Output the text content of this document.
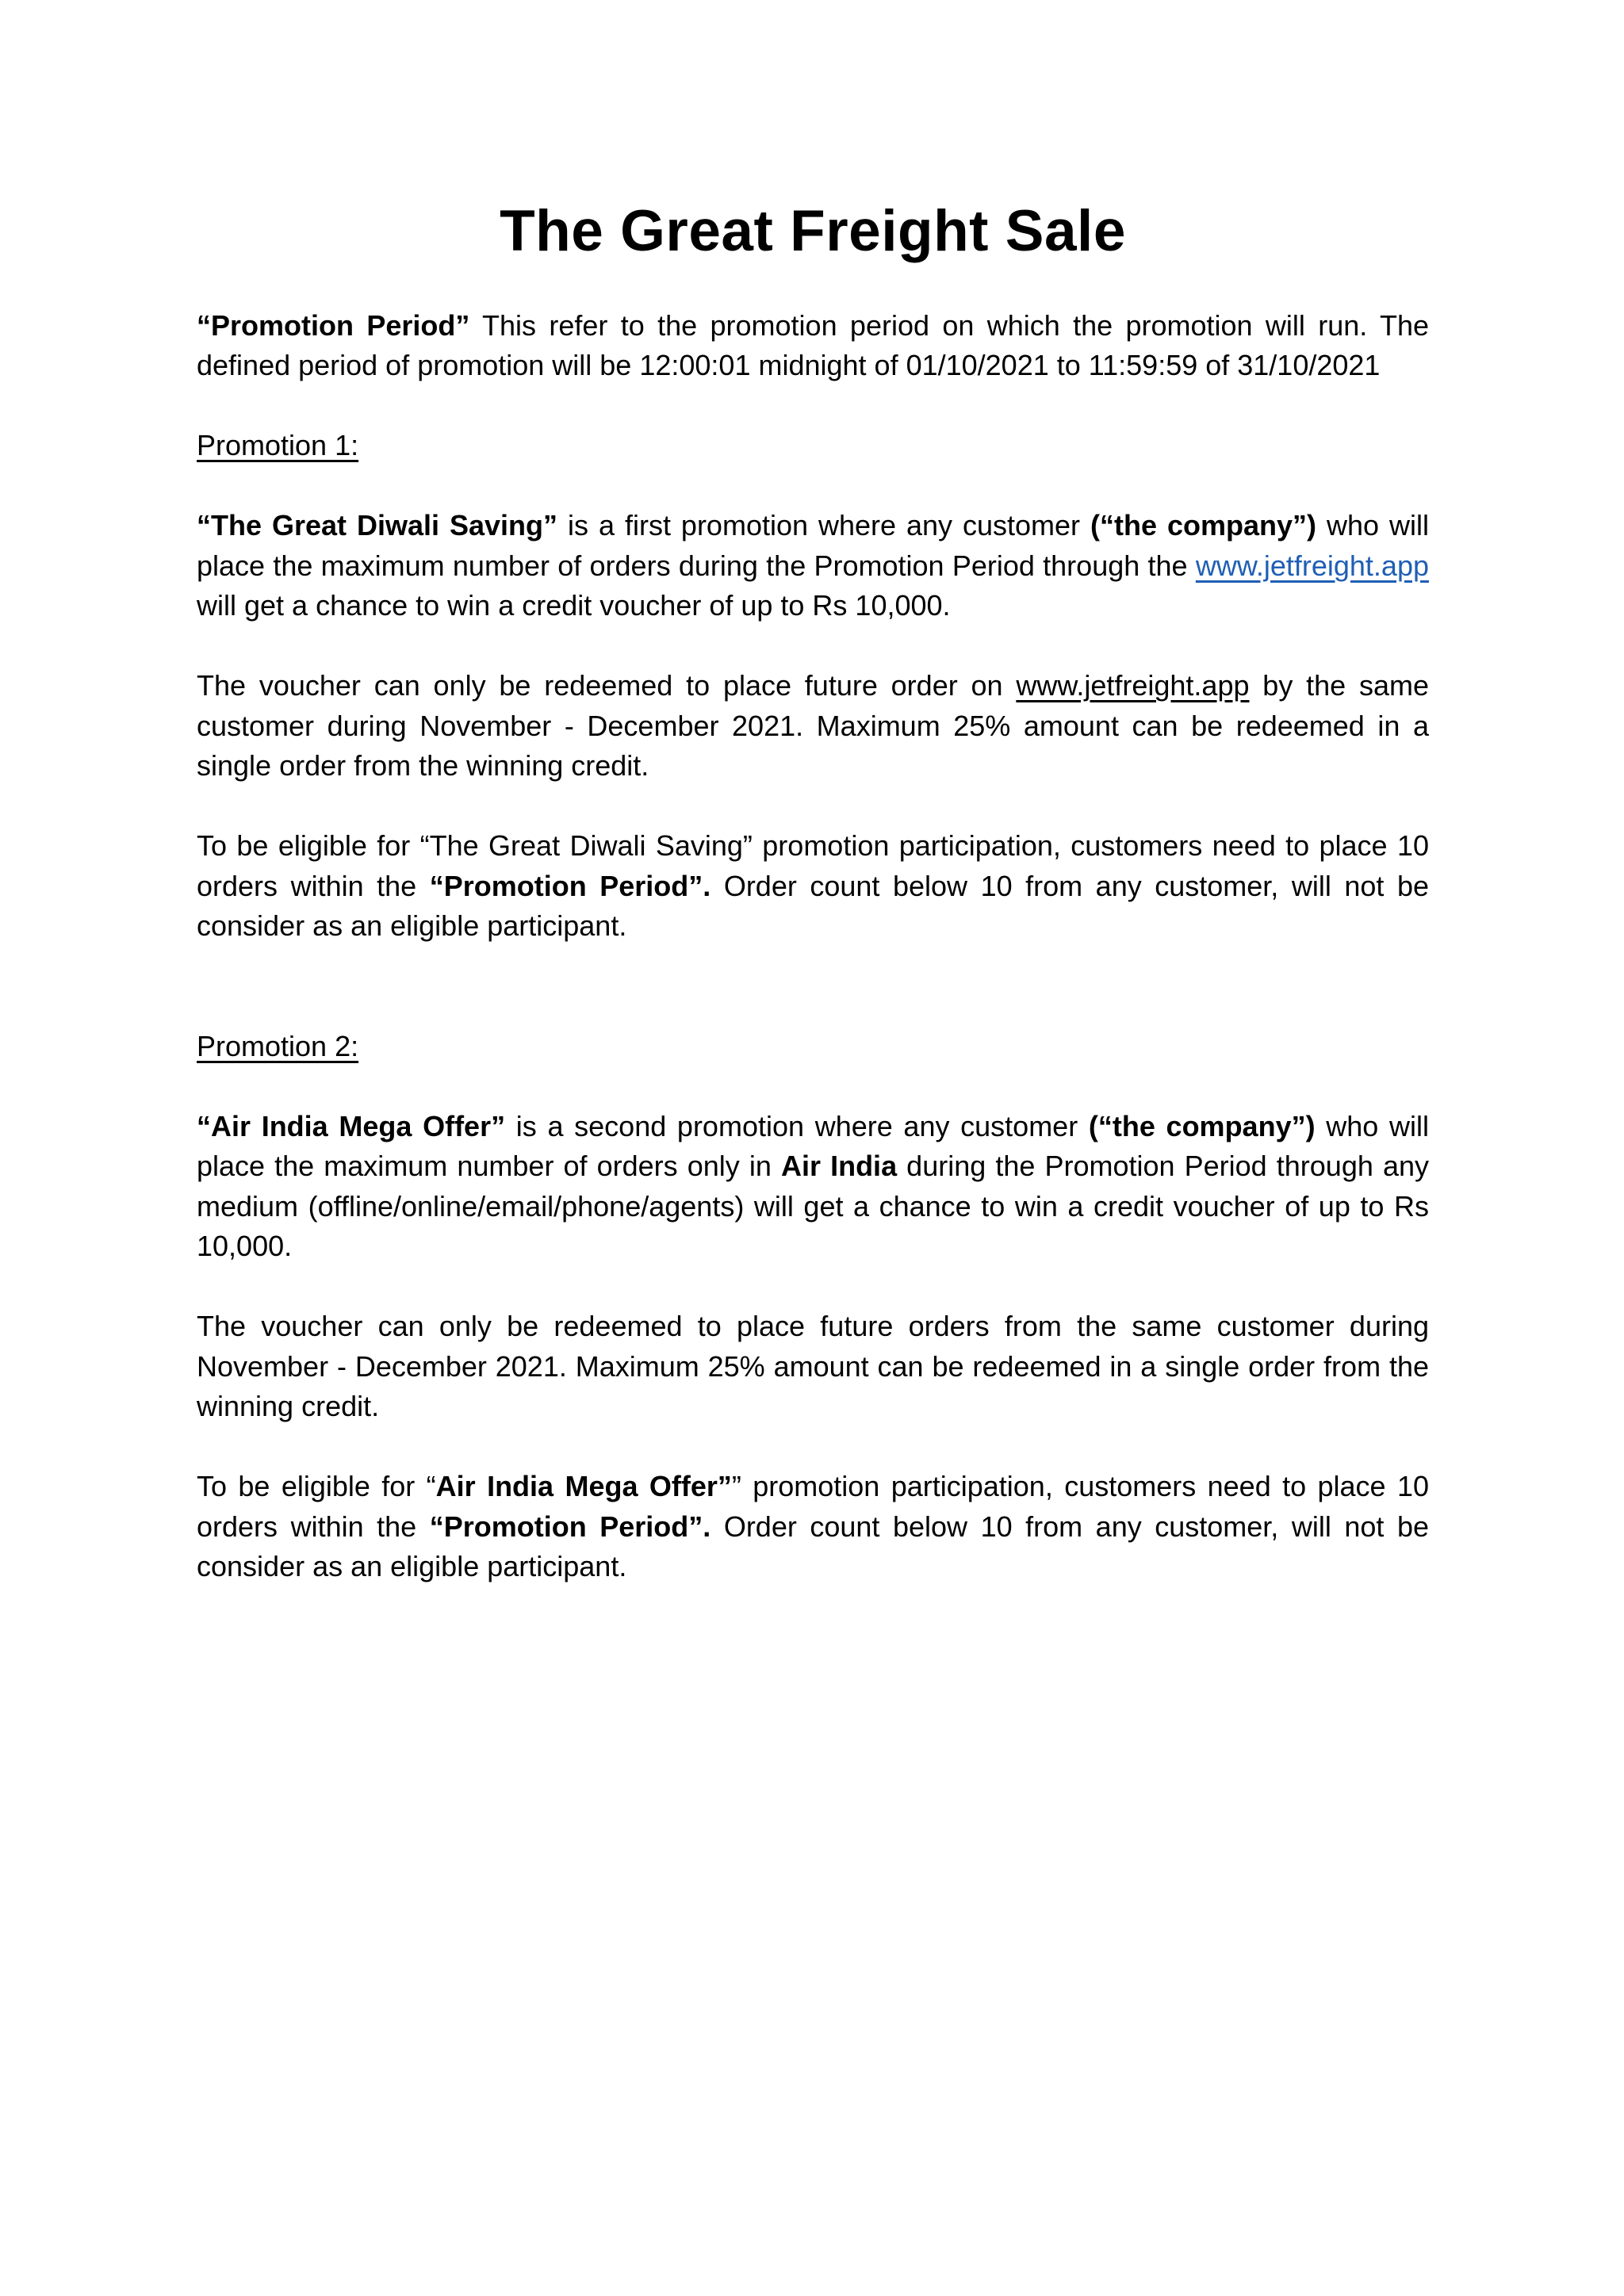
The Great Freight Sale

“Promotion Period” This refer to the promotion period on which the promotion will run. The defined period of promotion will be 12:00:01 midnight of 01/10/2021 to 11:59:59 of 31/10/2021

Promotion 1:

“The Great Diwali Saving” is a first promotion where any customer (“the company”) who will place the maximum number of orders during the Promotion Period through the www.jetfreight.app will get a chance to win a credit voucher of up to Rs 10,000.

The voucher can only be redeemed to place future order on www.jetfreight.app by the same customer during November - December 2021. Maximum 25% amount can be redeemed in a single order from the winning credit.

To be eligible for “The Great Diwali Saving” promotion participation, customers need to place 10 orders within the “Promotion Period”. Order count below 10 from any customer, will not be consider as an eligible participant.

Promotion 2:

“Air India Mega Offer” is a second promotion where any customer (“the company”) who will place the maximum number of orders only in Air India during the Promotion Period through any medium (offline/online/email/phone/agents) will get a chance to win a credit voucher of up to Rs 10,000.

The voucher can only be redeemed to place future orders from the same customer during November - December 2021. Maximum 25% amount can be redeemed in a single order from the winning credit.

To be eligible for “Air India Mega Offer”” promotion participation, customers need to place 10 orders within the “Promotion Period”. Order count below 10 from any customer, will not be consider as an eligible participant.
